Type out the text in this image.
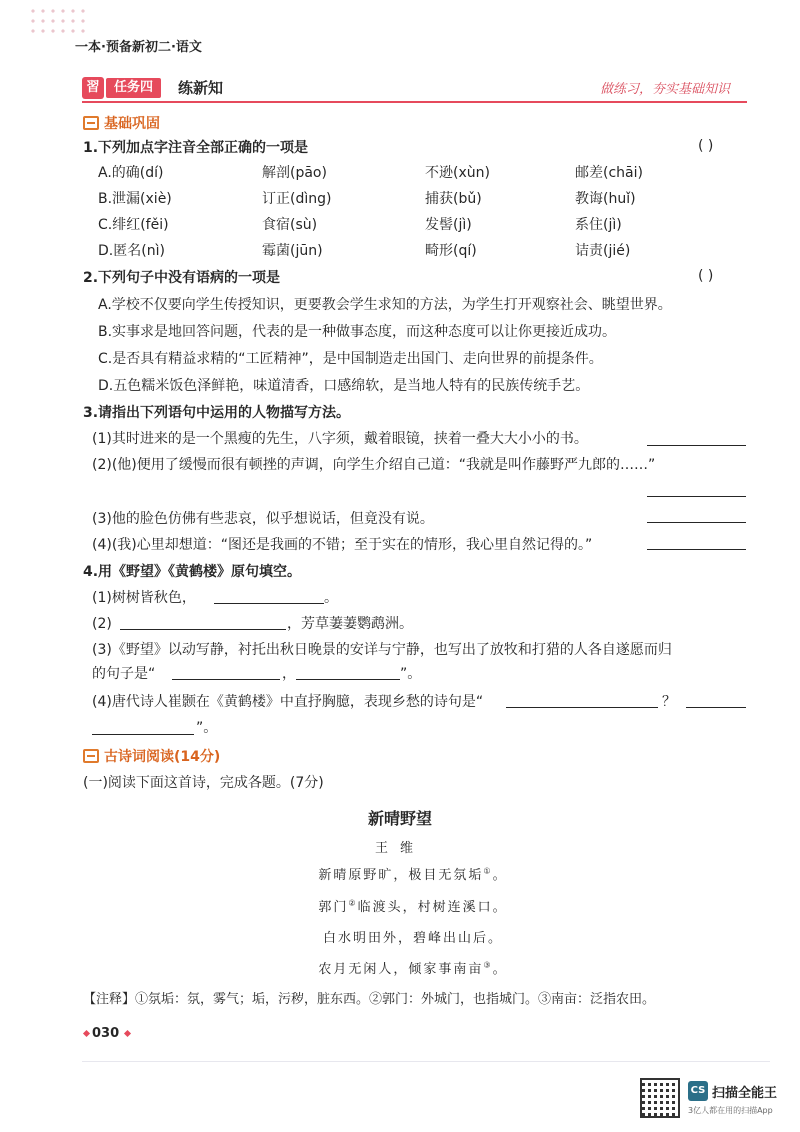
一本·预备新初二·语文
習	任务四	练新知	做练习，夯实基础知识
基础巩固
1.下列加点字注音全部正确的一项是	( )
A.的确(dí)	解剖(pāo)	不逊(xùn)	邮差(chāi)
B.泄漏(xiè)	订正(dìng)	捕获(bǔ)	教诲(huǐ)
C.绯红(fěi)	食宿(sù)	发髻(jì)	系住(jì)
D.匿名(nì)	霉菌(jūn)	畸形(qí)	诘责(jié)
2.下列句子中没有语病的一项是	( )
A.学校不仅要向学生传授知识，更要教会学生求知的方法，为学生打开观察社会、眺望世界。
B.实事求是地回答问题，代表的是一种做事态度，而这种态度可以让你更接近成功。
C.是否具有精益求精的“工匠精神”，是中国制造走出国门、走向世界的前提条件。
D.五色糯米饭色泽鲜艳，味道清香，口感绵软，是当地人特有的民族传统手艺。
3.请指出下列语句中运用的人物描写方法。
(1)其时进来的是一个黑瘦的先生，八字须，戴着眼镜，挟着一叠大大小小的书。
(2)(他)便用了缓慢而很有顿挫的声调，向学生介绍自己道：“我就是叫作藤野严九郎的……”
(3)他的脸色仿佛有些悲哀，似乎想说话，但竟没有说。
(4)(我)心里却想道：“图还是我画的不错；至于实在的情形，我心里自然记得的。”
4.用《野望》《黄鹤楼》原句填空。
(1)树树皆秋色，	。
(2)	，芳草萋萋鹦鹉洲。
(3)《野望》以动写静，衬托出秋日晚景的安详与宁静，也写出了放牧和打猎的人各自遂愿而归
的句子是“	，	”。
(4)唐代诗人崔颢在《黄鹤楼》中直抒胸臆，表现乡愁的诗句是“	？
”。
古诗词阅读(14分)
(一)阅读下面这首诗，完成各题。(7分)
新晴野望
王维
新晴原野旷，极目无氛垢①。
郭门②临渡头，村树连溪口。
白水明田外，碧峰出山后。
农月无闲人，倾家事南亩③。
【注释】①氛垢：氛，雾气；垢，污秽，脏东西。②郭门：外城门，也指城门。③南亩：泛指农田。
030
CS 扫描全能王
3亿人都在用的扫描App
